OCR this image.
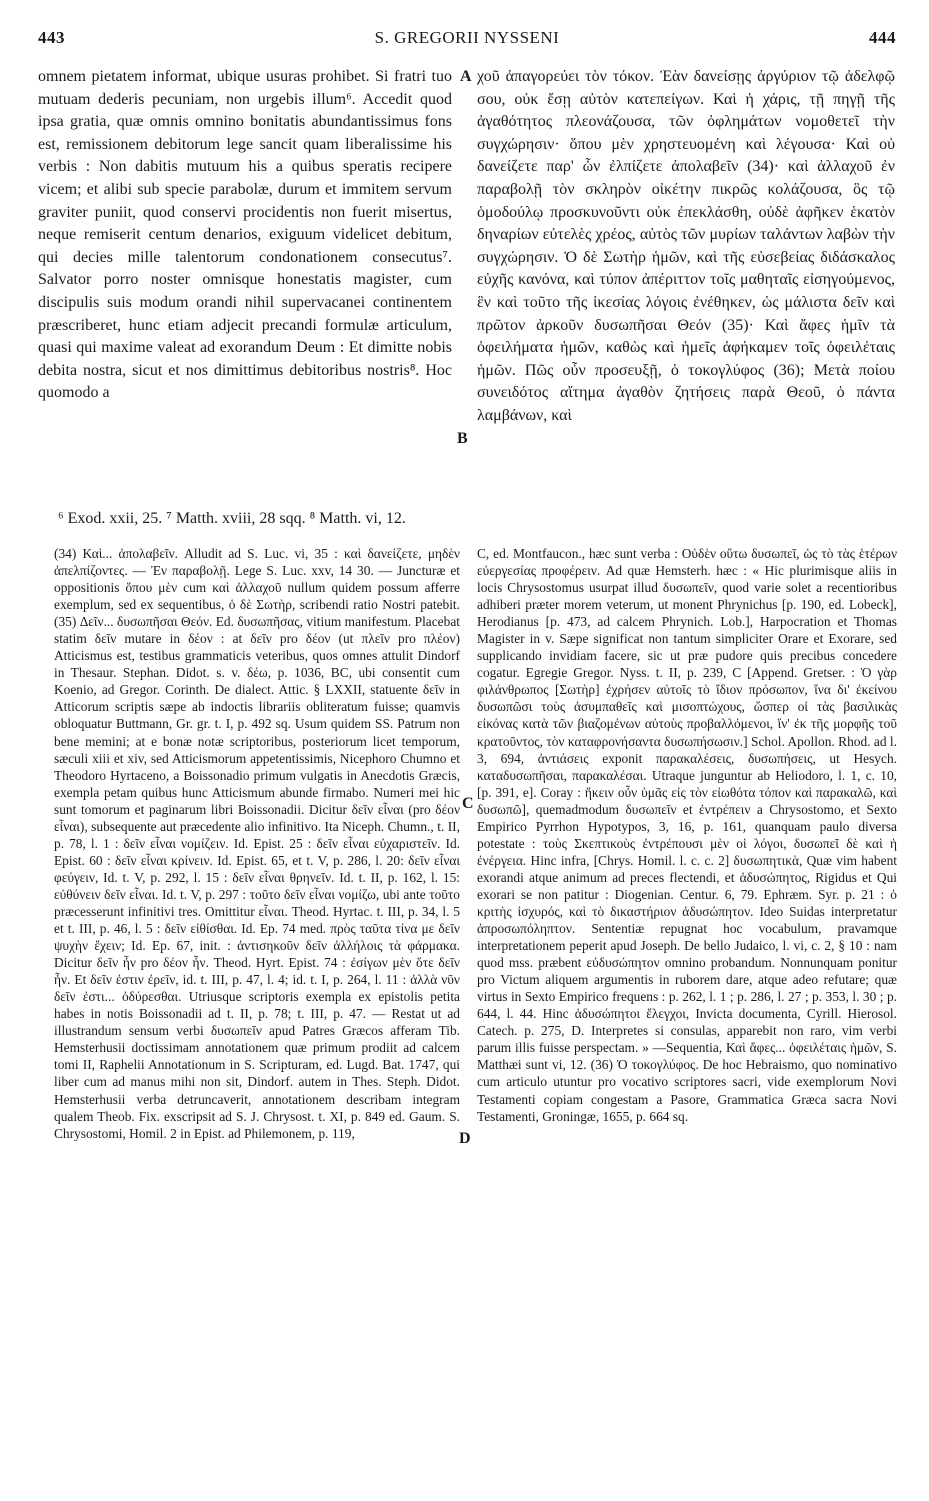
443	S. GREGORII NYSSENI	444

omnem pietatem informat, ubique usuras prohibet. Si fratri tuo mutuam dederis pecuniam, non urgebis illum⁶. Accedit quod ipsa gratia, quæ omnis omnino bonitatis abundantissimus fons est, remissionem debitorum lege sancit quam liberalissime his verbis : Non dabitis mutuum his a quibus speratis recipere vicem; et alibi sub specie parabolæ, durum et immitem servum graviter puniit, quod conservi procidentis non fuerit misertus, neque remiserit centum denarios, exiguum videlicet debitum, qui decies mille talentorum condonationem consecutus⁷. Salvator porro noster omnisque honestatis magister, cum discipulis suis modum orandi nihil supervacanei continentem præscriberet, hunc etiam adjecit precandi formulæ articulum, quasi qui maxime valeat ad exorandum Deum : Et dimitte nobis debita nostra, sicut et nos dimittimus debitoribus nostris⁸. Hoc quomodo a

χοῦ ἀπαγορεύει τὸν τόκον. Ἐὰν δανείσῃς ἀργύριον τῷ ἀδελφῷ σου, οὐκ ἔσῃ αὐτὸν κατεπείγων. Καὶ ἡ χάρις, τῇ πηγῇ τῆς ἀγαθότητος πλεονάζουσα, τῶν ὀφλημάτων νομοθετεῖ τὴν συγχώρησιν· ὅπου μὲν χρηστευομένη καὶ λέγουσα· Καὶ οὐ δανείζετε παρ' ὧν ἐλπίζετε ἀπολαβεῖν (34)· καὶ ἀλλαχοῦ ἐν παραβολῇ τὸν σκληρὸν οἰκέτην πικρῶς κολάζουσα, ὃς τῷ ὁμοδούλῳ προσκυνοῦντι οὐκ ἐπεκλάσθη, οὐδὲ ἀφῆκεν ἑκατὸν δηναρίων εὐτελὲς χρέος, αὐτὸς τῶν μυρίων ταλάντων λαβὼν τὴν συγχώρησιν. Ὁ δὲ Σωτὴρ ἡμῶν, καὶ τῆς εὐσεβείας διδάσκαλος εὐχῆς κανόνα, καὶ τύπον ἀπέριττον τοῖς μαθηταῖς εἰσηγούμενος, ἓν καὶ τοῦτο τῆς ἱκεσίας λόγοις ἐνέθηκεν, ὡς μάλιστα δεῖν καὶ πρῶτον ἀρκοῦν δυσωπῆσαι Θεόν (35)· Καὶ ἄφες ἡμῖν τὰ ὀφειλήματα ἡμῶν, καθὼς καὶ ἡμεῖς ἀφήκαμεν τοῖς ὀφειλέταις ἡμῶν. Πῶς οὖν προσευξῇ, ὁ τοκογλύφος (36); Μετὰ ποίου συνειδότος αἴτημα ἀγαθὸν ζητήσεις παρὰ Θεοῦ, ὁ πάντα λαμβάνων, καὶ

A
B
C
D
⁶ Exod. xxii, 25. ⁷ Matth. xviii, 28 sqq. ⁸ Matth. vi, 12.

(34) Καὶ... ἀπολαβεῖν. Alludit ad S. Luc. vi, 35 : καὶ δανείζετε, μηδὲν ἀπελπίζοντες. — Ἐν παραβολῇ. Lege S. Luc. xxv, 14 30. — Juncturæ et oppositionis ὅπου μὲν cum καὶ ἀλλαχοῦ nullum quidem possum afferre exemplum, sed ex sequentibus, ὁ δὲ Σωτὴρ, scribendi ratio Nostri patebit. (35) Δεῖν... δυσωπῆσαι Θεόν. Ed. δυσωπῆσας, vitium manifestum. Placebat statim δεῖν mutare in δέον : at δεῖν pro δέον (ut πλεῖν pro πλέον) Atticismus est, testibus grammaticis veteribus, quos omnes attulit Dindorf in Thesaur. Stephan. Didot. s. v. δέω, p. 1036, BC, ubi consentit cum Koenio, ad Gregor. Corinth. De dialect. Attic. § LXXII, statuente δεῖν in Atticorum scriptis sæpe ab indoctis librariis obliteratum fuisse; quamvis obloquatur Buttmann, Gr. gr. t. I, p. 492 sq. Usum quidem SS. Patrum non bene memini; at e bonæ notæ scriptoribus, posteriorum licet temporum, sæculi xiii et xiv, sed Atticismorum appetentissimis, Nicephoro Chumno et Theodoro Hyrtaceno, a Boissonadio primum vulgatis in Anecdotis Græcis, exempla petam quibus hunc Atticismum abunde firmabo. Numeri mei hic sunt tomorum et paginarum libri Boissonadii. Dicitur δεῖν εἶναι (pro δέον εἶναι), subsequente aut præcedente alio infinitivo. Ita Niceph. Chumn., t. II, p. 78, l. 1 : δεῖν εἶναι νομίζειν. Id. Epist. 25 : δεῖν εἶναι εὐχαριστεῖν. Id. Epist. 60 : δεῖν εἶναι κρίνειν. Id. Epist. 65, et t. V, p. 286, l. 20: δεῖν εἶναι φεύγειν, Id. t. V, p. 292, l. 15 : δεῖν εἶναι θρηνεῖν. Id. t. II, p. 162, l. 15: εὐθύνειν δεῖν εἶναι. Id. t. V, p. 297 : τοῦτο δεῖν εἶναι νομίζω, ubi ante τοῦτο præcesserunt infinitivi tres. Omittitur εἶναι. Theod. Hyrtac. t. III, p. 34, l. 5 et t. III, p. 46, l. 5 : δεῖν εἰθίσθαι. Id. Ep. 74 med. πρὸς ταῦτα τίνα με δεῖν ψυχὴν ἔχειν; Id. Ep. 67, init. : ἀντισηκοῦν δεῖν ἀλλήλοις τὰ φάρμακα. Dicitur δεῖν ἦν pro δέον ἦν. Theod. Hyrt. Epist. 74 : ἐσίγων μὲν ὅτε δεῖν ἦν. Et δεῖν ἐστιν ἐρεῖν, id. t. III, p. 47, l. 4; id. t. I, p. 264, l. 11 : ἀλλὰ νῦν δεῖν ἐστι... ὀδύρεσθαι. Utriusque scriptoris exempla ex epistolis petita habes in notis Boissonadii ad t. II, p. 78; t. III, p. 47. — Restat ut ad illustrandum sensum verbi δυσωπεῖν apud Patres Græcos afferam Tib. Hemsterhusii doctissimam annotationem quæ primum prodiit ad calcem tomi II, Raphelii Annotationum in S. Scripturam, ed. Lugd. Bat. 1747, qui liber cum ad manus mihi non sit, Dindorf. autem in Thes. Steph. Didot. Hemsterhusii verba detruncaverit, annotationem describam integram qualem Theob. Fix. exscripsit ad S. J. Chrysost. t. XI, p. 849 ed. Gaum. S. Chrysostomi, Homil. 2 in Epist. ad Philemonem, p. 119,

C, ed. Montfaucon., hæc sunt verba : Οὐδὲν οὕτω δυσωπεῖ, ὡς τὸ τὰς ἑτέρων εὐεργεσίας προφέρειν. Ad quæ Hemsterh. hæc : « Hic plurimisque aliis in locis Chrysostomus usurpat illud δυσωπεῖν, quod varie solet a recentioribus adhiberi præter morem veterum, ut monent Phrynichus [p. 190, ed. Lobeck], Herodianus [p. 473, ad calcem Phrynich. Lob.], Harpocration et Thomas Magister in v. Sæpe significat non tantum simpliciter Orare et Exorare, sed supplicando invidiam facere, sic ut præ pudore quis precibus concedere cogatur. Egregie Gregor. Nyss. t. II, p. 239, C [Append. Gretser. : Ὁ γὰρ φιλάνθρωπος [Σωτὴρ] ἐχρήσεν αὐτοῖς τὸ ἴδιον πρόσωπον, ἵνα δι' ἐκείνου δυσωπῶσι τοὺς ἀσυμπαθεῖς καὶ μισοπτώχους, ὥσπερ οἱ τὰς βασιλικὰς εἰκόνας κατὰ τῶν βιαζομένων αὐτοὺς προβαλλόμενοι, ἵν' ἐκ τῆς μορφῆς τοῦ κρατοῦντος, τὸν καταφρονήσαντα δυσωπήσωσιν.] Schol. Apollon. Rhod. ad l. 3, 694, ἀντιάσεις exponit παρακαλέσεις, δυσωπήσεις, ut Hesych. καταδυσωπῆσαι, παρακαλέσαι. Utraque junguntur ab Heliodoro, l. 1, c. 10, [p. 391, e]. Coray : ἥκειν οὖν ὑμᾶς εἰς τὸν εἰωθότα τόπον καὶ παρακαλῶ, καὶ δυσωπῶ], quemadmodum δυσωπεῖν et ἐντρέπειν a Chrysostomo, et Sexto Empirico Pyrrhon Hypotypos, 3, 16, p. 161, quanquam paulo diversa potestate : τοὺς Σκεπτικοὺς ἐντρέπουσι μὲν οἱ λόγοι, δυσωπεῖ δὲ καὶ ἡ ἐνέργεια. Hinc infra, [Chrys. Homil. l. c. c. 2] δυσωπητικὰ, Quæ vim habent exorandi atque animum ad preces flectendi, et ἀδυσώπητος, Rigidus et Qui exorari se non patitur : Diogenian. Centur. 6, 79. Ephræm. Syr. p. 21 : ὁ κριτὴς ἰσχυρός, καὶ τὸ δικαστήριον ἀδυσώπητον. Ideo Suidas interpretatur ἀπροσωπόληπτον. Sententiæ repugnat hoc vocabulum, pravamque interpretationem peperit apud Joseph. De bello Judaico, l. vi, c. 2, § 10 : nam quod mss. præbent εὐδυσώπητον omnino probandum. Nonnunquam ponitur pro Victum aliquem argumentis in ruborem dare, atque adeo refutare; quæ virtus in Sexto Empirico frequens : p. 262, l. 1 ; p. 286, l. 27 ; p. 353, l. 30 ; p. 644, l. 44. Hinc ἀδυσώπητοι ἔλεγχοι, Invicta documenta, Cyrill. Hierosol. Catech. p. 275, D. Interpretes si consulas, apparebit non raro, vim verbi parum illis fuisse perspectam. » —Sequentia, Καὶ ἄφες... ὀφειλέταις ἡμῶν, S. Matthæi sunt vi, 12. (36) Ὁ τοκογλύφος. De hoc Hebraismo, quo nominativo cum articulo utuntur pro vocativo scriptores sacri, vide exemplorum Novi Testamenti copiam congestam a Pasore, Grammatica Græca sacra Novi Testamenti, Groningæ, 1655, p. 664 sq.
